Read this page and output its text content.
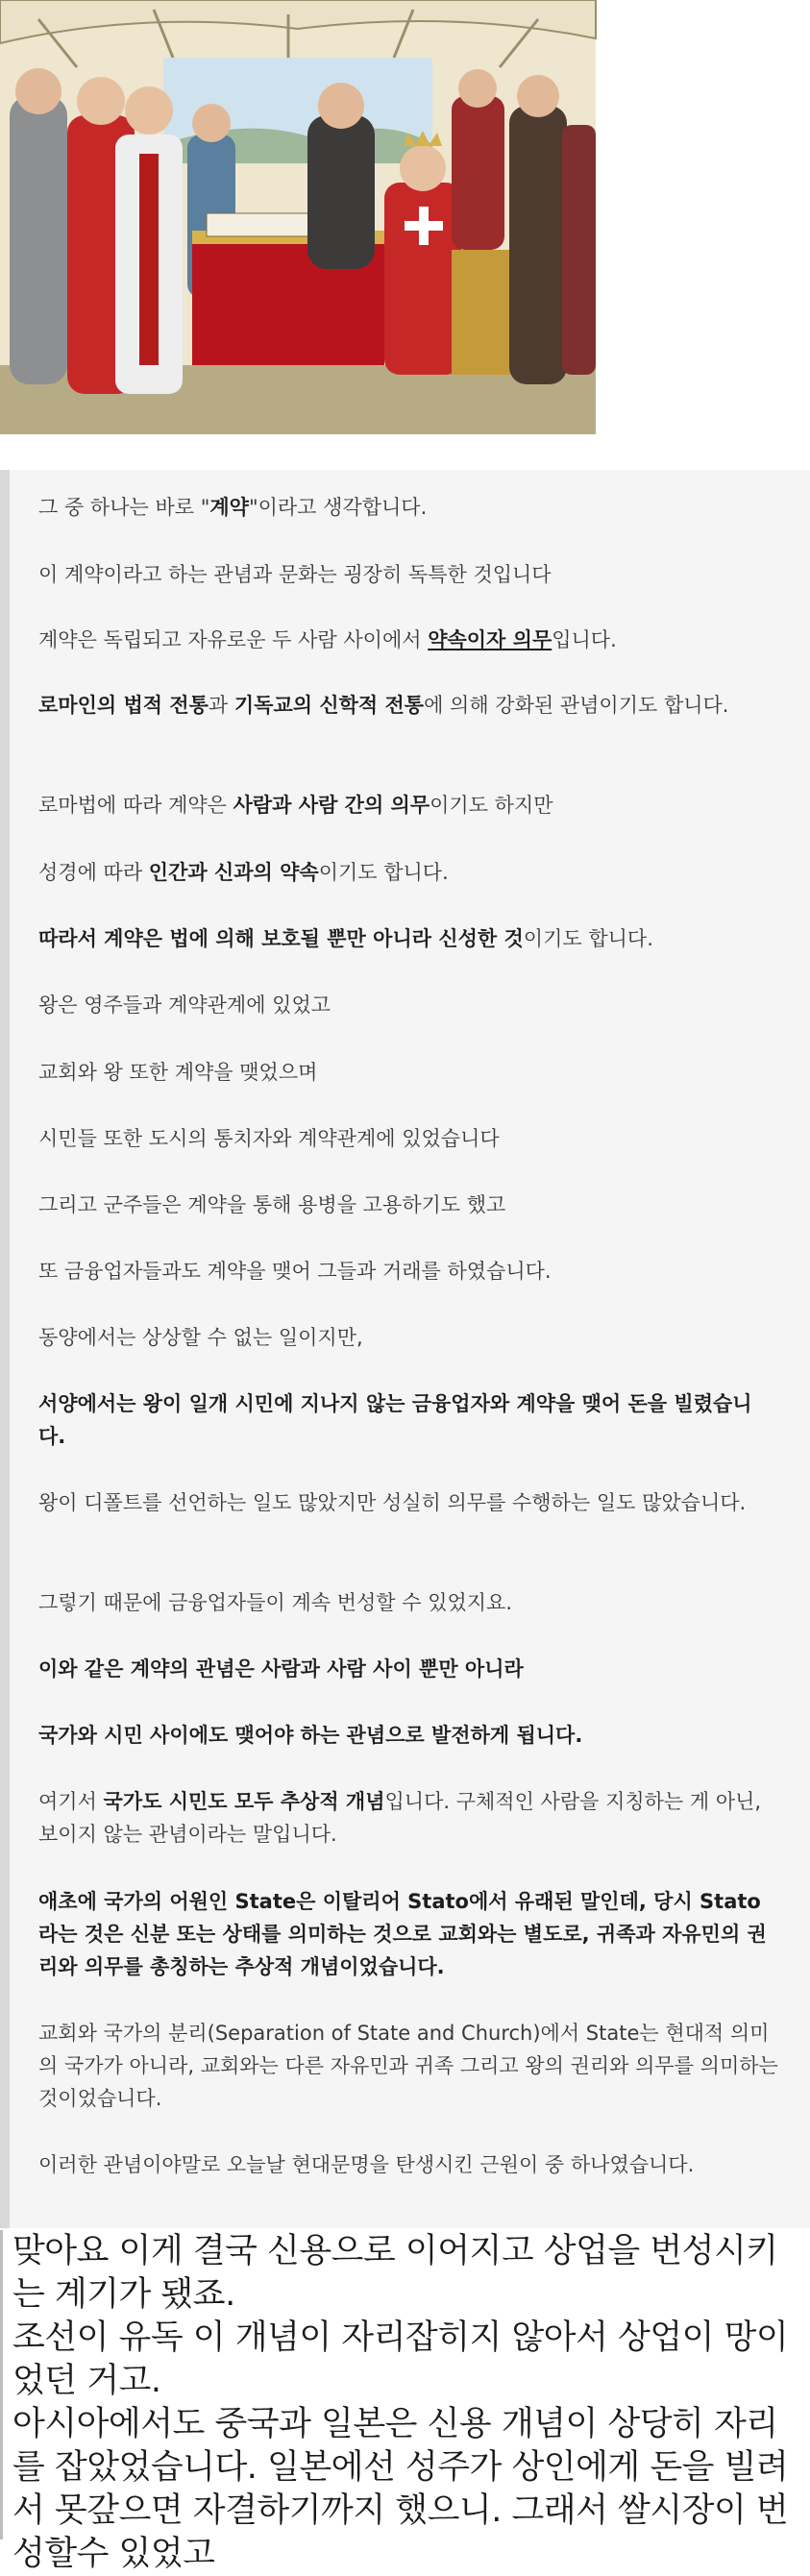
그 중 하나는 바로 "계약"이라고 생각합니다.

이 계약이라고 하는 관념과 문화는 굉장히 독특한 것입니다

계약은 독립되고 자유로운 두 사람 사이에서 약속이자 의무입니다.

로마인의 법적 전통과 기독교의 신학적 전통에 의해 강화된 관념이기도 합니다.

로마법에 따라 계약은 사람과 사람 간의 의무이기도 하지만

성경에 따라 인간과 신과의 약속이기도 합니다.

따라서 계약은 법에 의해 보호될 뿐만 아니라 신성한 것이기도 합니다.

왕은 영주들과 계약관계에 있었고

교회와 왕 또한 계약을 맺었으며

시민들 또한 도시의 통치자와 계약관계에 있었습니다

그리고 군주들은 계약을 통해 용병을 고용하기도 했고

또 금융업자들과도 계약을 맺어 그들과 거래를 하였습니다.

동양에서는 상상할 수 없는 일이지만,

서양에서는 왕이 일개 시민에 지나지 않는 금융업자와 계약을 맺어 돈을 빌렸습니다.

왕이 디폴트를 선언하는 일도 많았지만 성실히 의무를 수행하는 일도 많았습니다.

그렇기 때문에 금융업자들이 계속 번성할 수 있었지요.

이와 같은 계약의 관념은 사람과 사람 사이 뿐만 아니라

국가와 시민 사이에도 맺어야 하는 관념으로 발전하게 됩니다.

여기서 국가도 시민도 모두 추상적 개념입니다. 구체적인 사람을 지칭하는 게 아닌, 보이지 않는 관념이라는 말입니다.

애초에 국가의 어원인 State은 이탈리어 Stato에서 유래된 말인데, 당시 Stato라는 것은 신분 또는 상태를 의미하는 것으로 교회와는 별도로, 귀족과 자유민의 권리와 의무를 총칭하는 추상적 개념이었습니다.

교회와 국가의 분리(Separation of State and Church)에서 State는 현대적 의미의 국가가 아니라, 교회와는 다른 자유민과 귀족 그리고 왕의 권리와 의무를 의미하는 것이었습니다.

이러한 관념이야말로 오늘날 현대문명을 탄생시킨 근원이 중 하나였습니다.

맞아요 이게 결국 신용으로 이어지고 상업을 번성시키는 계기가 됐죠.

조선이 유독 이 개념이 자리잡히지 않아서 상업이 망이었던 거고.

아시아에서도 중국과 일본은 신용 개념이 상당히 자리를 잡았었습니다. 일본에선 성주가 상인에게 돈을 빌려서 못갚으면 자결하기까지 했으니. 그래서 쌀시장이 번성할수 있었고
